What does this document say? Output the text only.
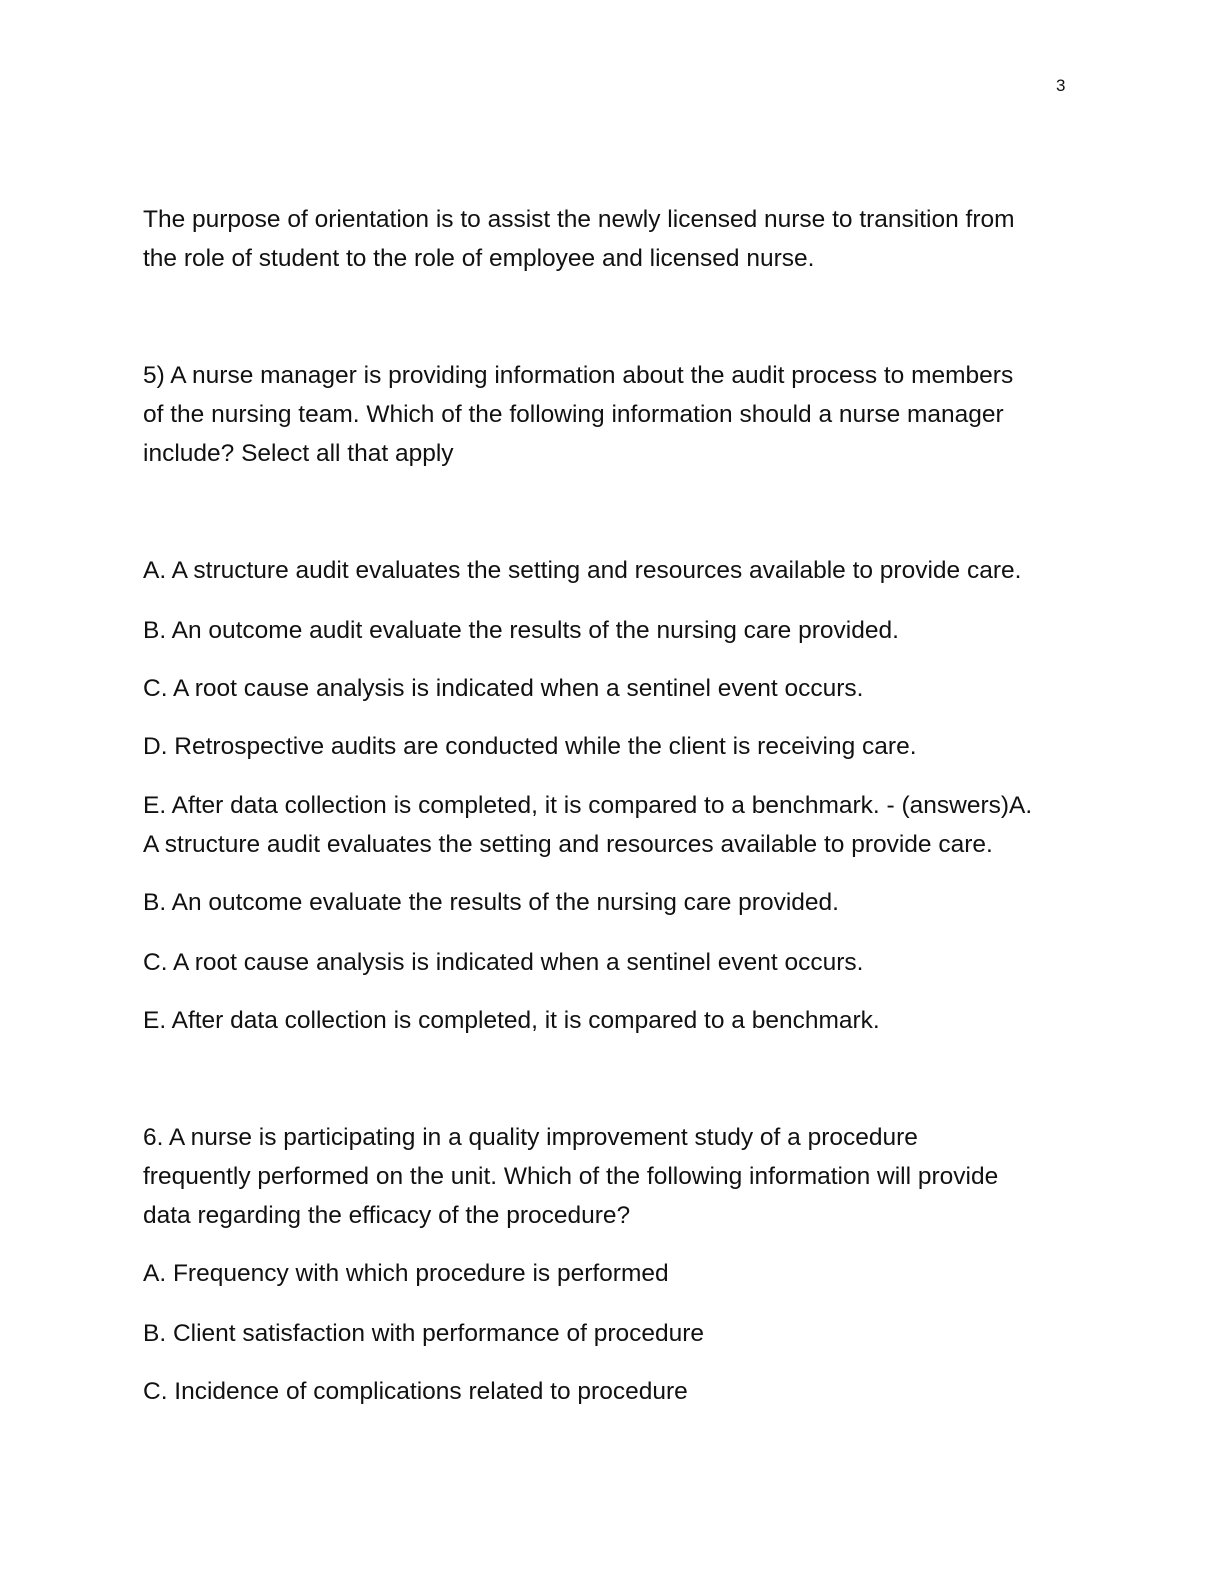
3
The purpose of orientation is to assist the newly licensed nurse to transition from
the role of student to the role of employee and licensed nurse.
5) A nurse manager is providing information about the audit process to members
of the nursing team. Which of the following information should a nurse manager
include? Select all that apply
A. A structure audit evaluates the setting and resources available to provide care.
B. An outcome audit evaluate the results of the nursing care provided.
C. A root cause analysis is indicated when a sentinel event occurs.
D. Retrospective audits are conducted while the client is receiving care.
E. After data collection is completed, it is compared to a benchmark. - (answers)A.
A structure audit evaluates the setting and resources available to provide care.
B. An outcome evaluate the results of the nursing care provided.
C. A root cause analysis is indicated when a sentinel event occurs.
E. After data collection is completed, it is compared to a benchmark.
6. A nurse is participating in a quality improvement study of a procedure
frequently performed on the unit. Which of the following information will provide
data regarding the efficacy of the procedure?
A. Frequency with which procedure is performed
B. Client satisfaction with performance of procedure
C. Incidence of complications related to procedure
